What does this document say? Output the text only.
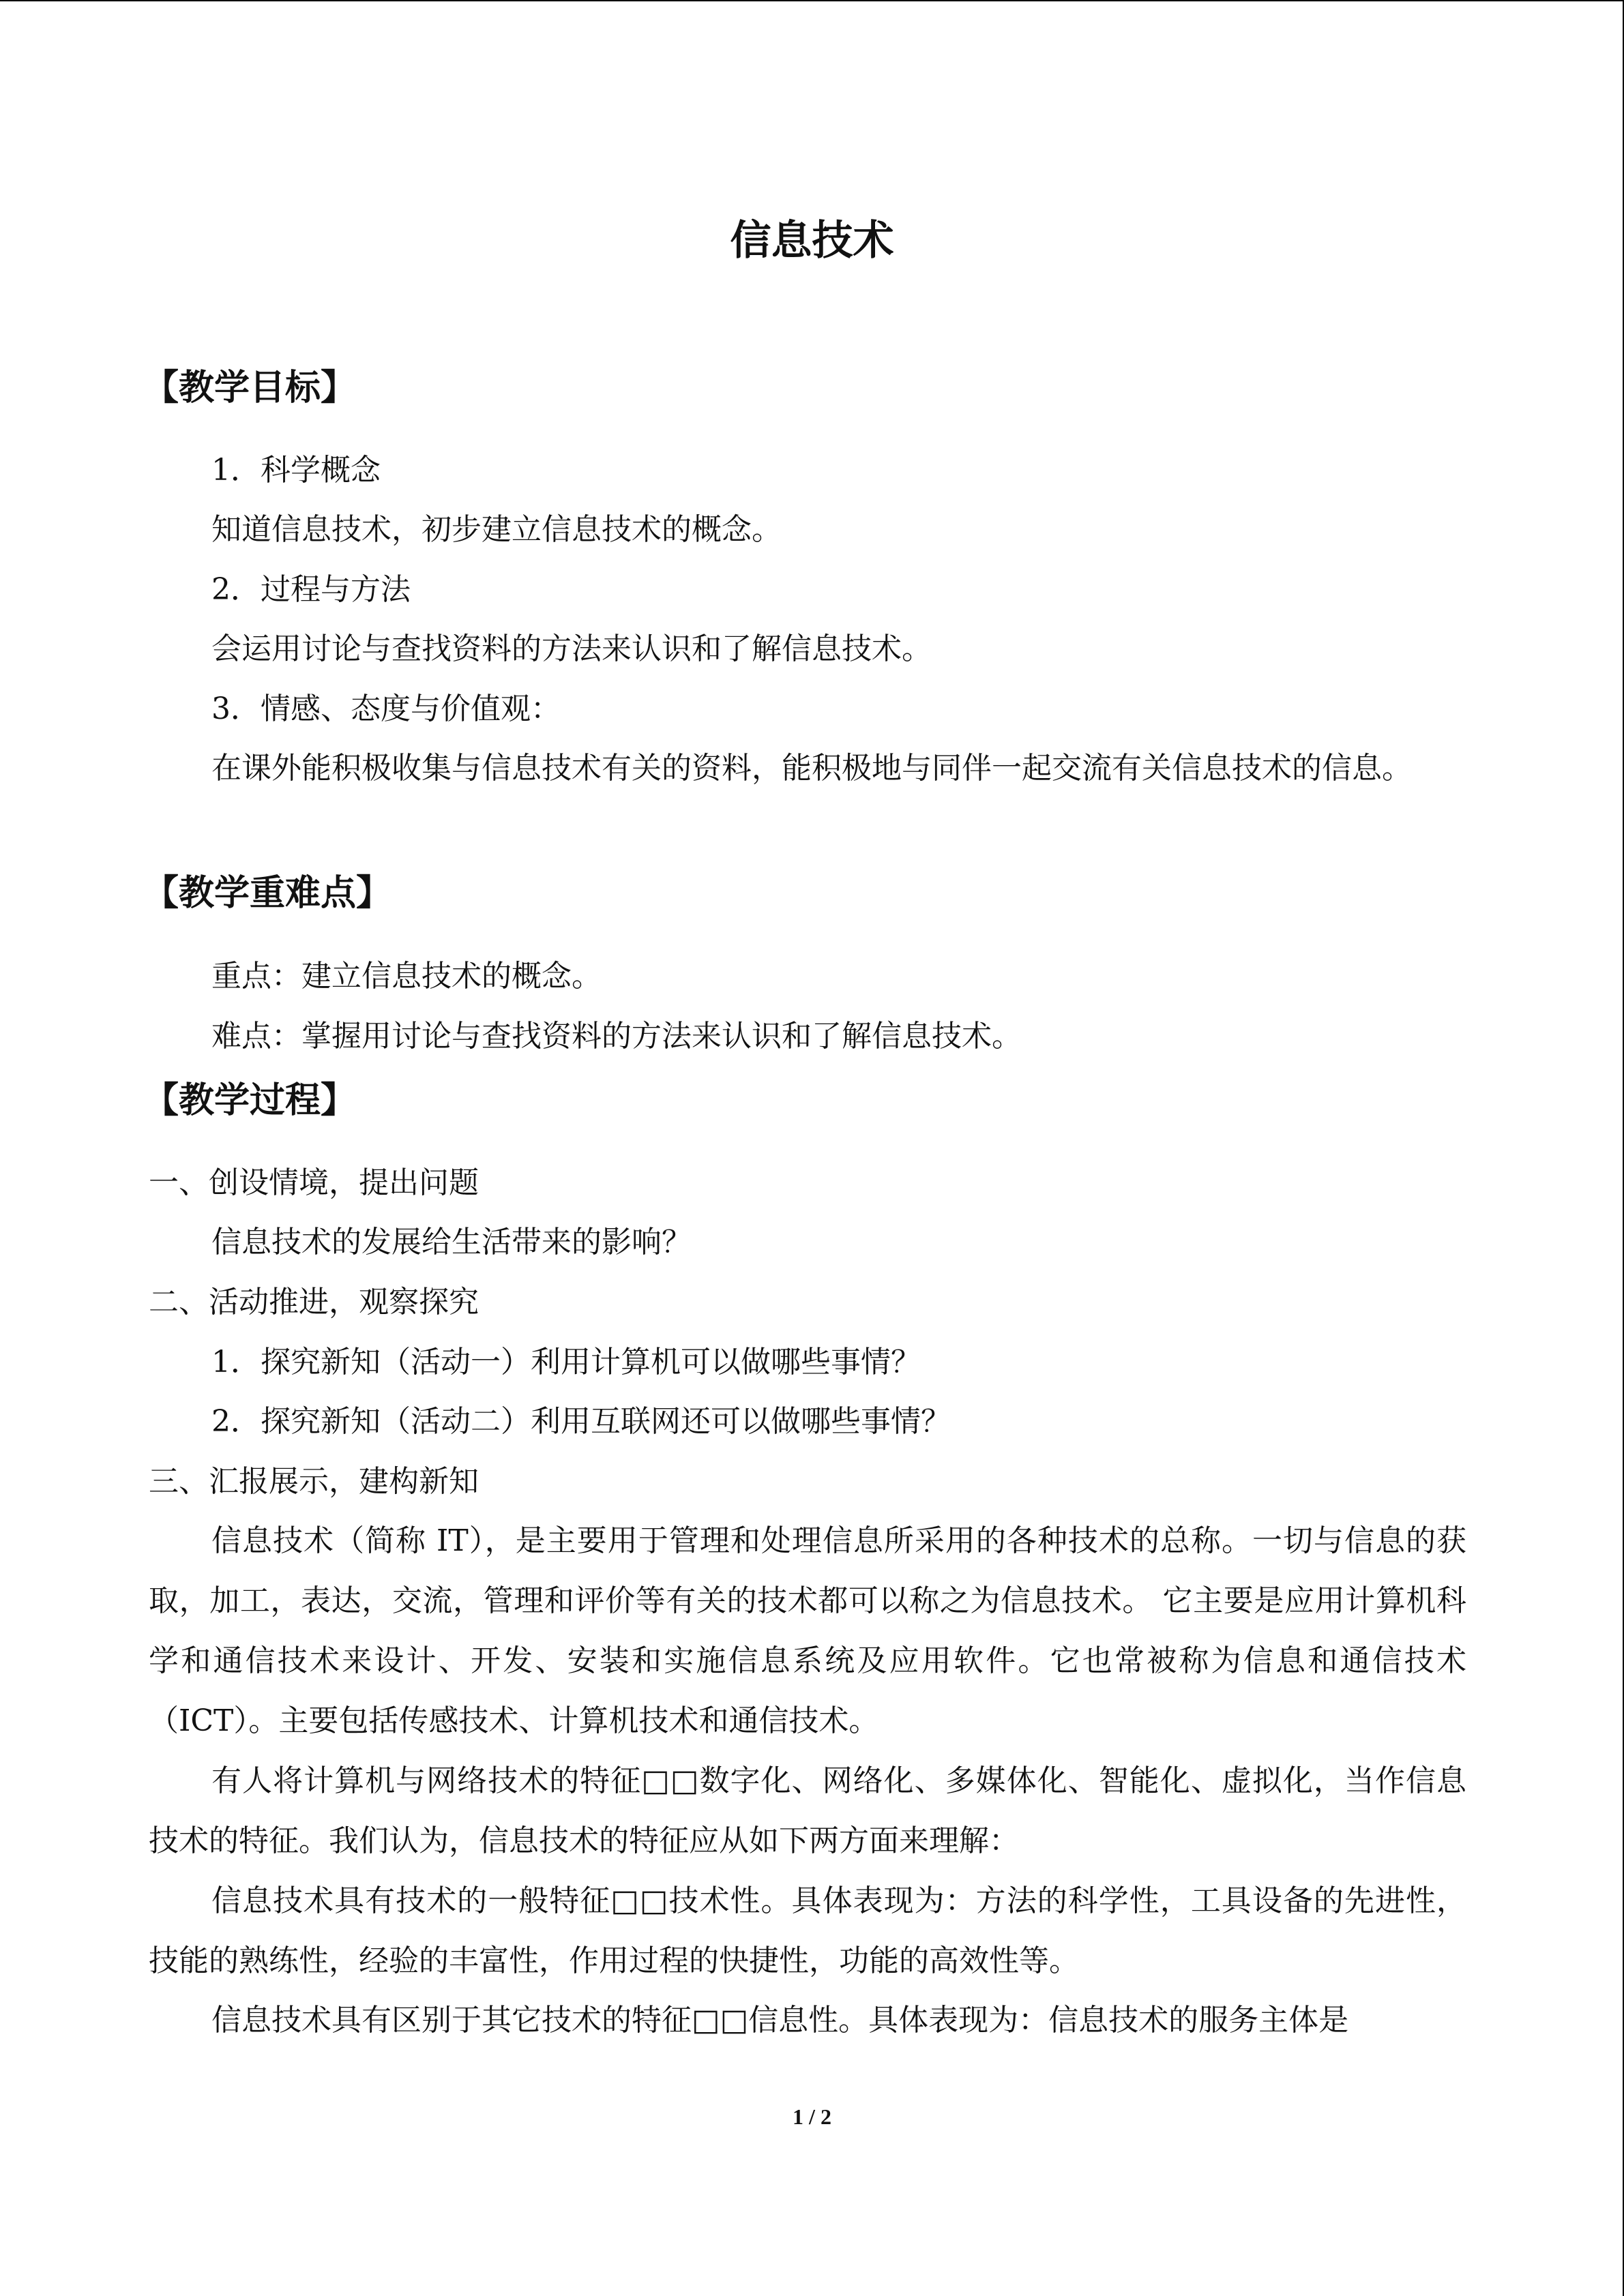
信息技术
【教学目标】
1．科学概念
知道信息技术，初步建立信息技术的概念。
2．过程与方法
会运用讨论与查找资料的方法来认识和了解信息技术。
3．情感、态度与价值观：

在课外能积极收集与信息技术有关的资料，能积极地与同伴一起交流有关信息技术的信息。

【教学重难点】
重点：建立信息技术的概念。
难点：掌握用讨论与查找资料的方法来认识和了解信息技术。
【教学过程】
一、创设情境，提出问题
信息技术的发展给生活带来的影响？
二、活动推进，观察探究
1．探究新知（活动一）利用计算机可以做哪些事情？
2．探究新知（活动二）利用互联网还可以做哪些事情？
三、汇报展示，建构新知

信息技术（简称 IT），是主要用于管理和处理信息所采用的各种技术的总称。一切与信息的获取，加工，表达，交流，管理和评价等有关的技术都可以称之为信息技术。 它主要是应用计算机科学和通信技术来设计、开发、安装和实施信息系统及应用软件。它也常被称为信息和通信技术（ICT）。主要包括传感技术、计算机技术和通信技术。

有人将计算机与网络技术的特征□□数字化、网络化、多媒体化、智能化、虚拟化，当作信息技术的特征。我们认为，信息技术的特征应从如下两方面来理解：

信息技术具有技术的一般特征□□技术性。具体表现为：方法的科学性，工具设备的先进性，技能的熟练性，经验的丰富性，作用过程的快捷性，功能的高效性等。

信息技术具有区别于其它技术的特征□□信息性。具体表现为：信息技术的服务主体是

1 / 2
